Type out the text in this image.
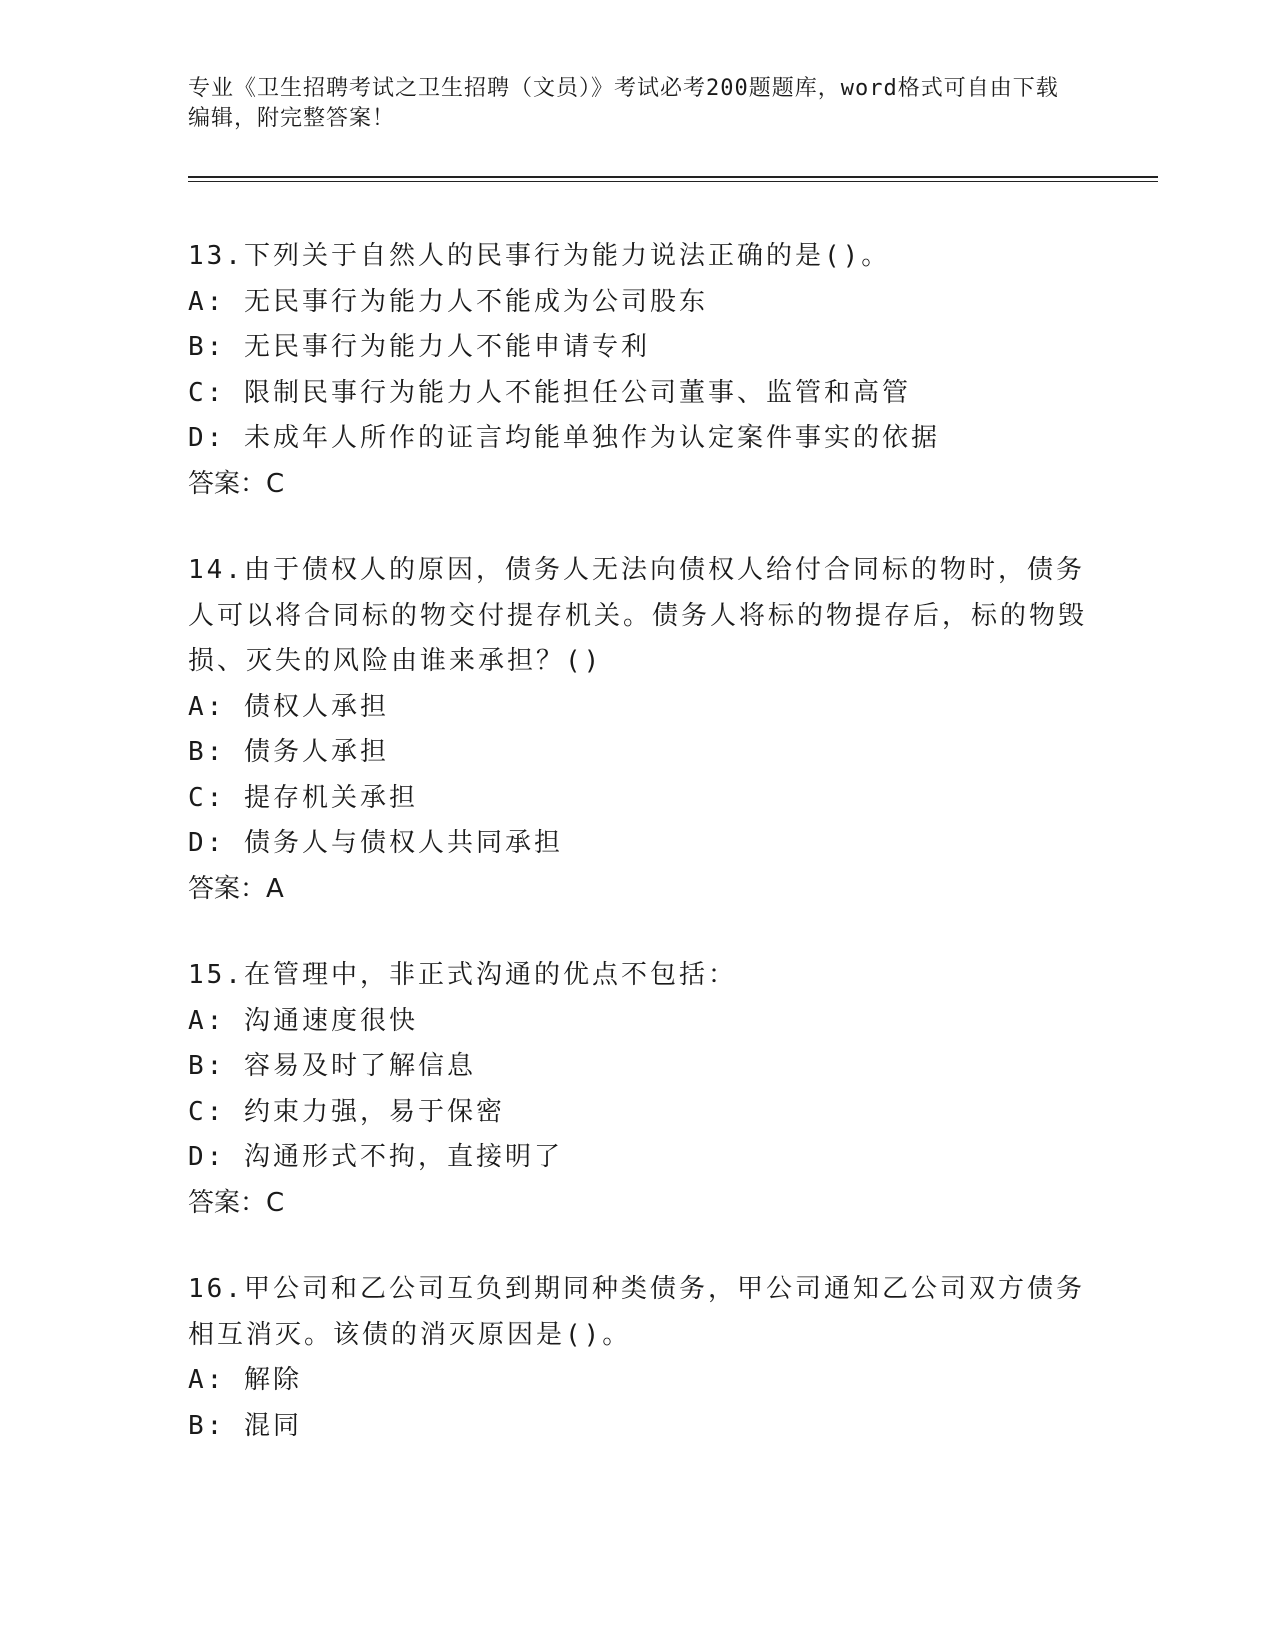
专业《卫生招聘考试之卫生招聘（文员）》考试必考200题题库，word格式可自由下载编辑，附完整答案！
13.下列关于自然人的民事行为能力说法正确的是()。
A: 无民事行为能力人不能成为公司股东
B: 无民事行为能力人不能申请专利
C: 限制民事行为能力人不能担任公司董事、监管和高管
D: 未成年人所作的证言均能单独作为认定案件事实的依据
答案：C
14.由于债权人的原因，债务人无法向债权人给付合同标的物时，债务人可以将合同标的物交付提存机关。债务人将标的物提存后，标的物毁损、灭失的风险由谁来承担？()
A: 债权人承担
B: 债务人承担
C: 提存机关承担
D: 债务人与债权人共同承担
答案：A
15.在管理中，非正式沟通的优点不包括：
A: 沟通速度很快
B: 容易及时了解信息
C: 约束力强，易于保密
D: 沟通形式不拘，直接明了
答案：C
16.甲公司和乙公司互负到期同种类债务，甲公司通知乙公司双方债务相互消灭。该债的消灭原因是()。
A: 解除
B: 混同
